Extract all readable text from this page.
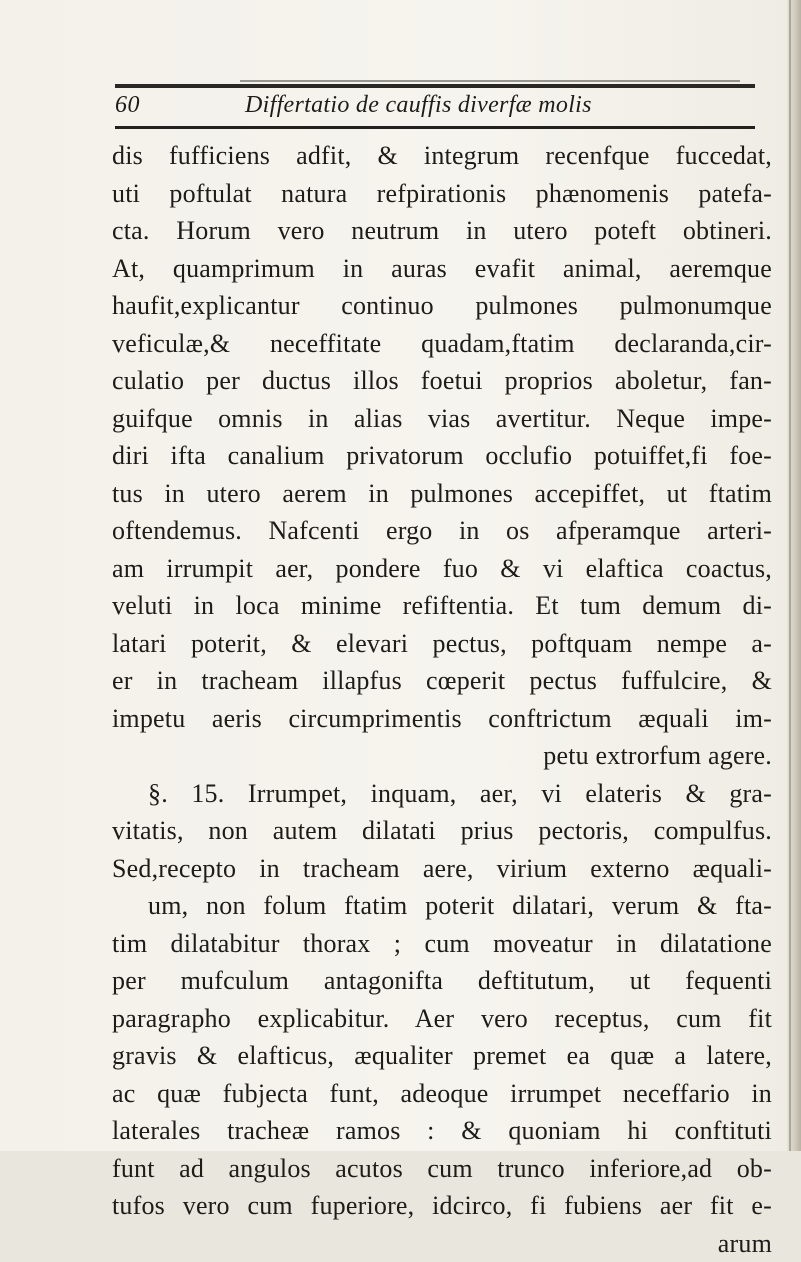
60	Differtatio de cauffis diverfæ molis
dis fufficiens adfit, & integrum recenfque fuccedat,
uti poftulat natura refpirationis phænomenis patefa-
cta. Horum vero neutrum in utero poteft obtineri.
At, quamprimum in auras evafit animal, aeremque
haufit,explicantur continuo pulmones pulmonumque
veficulæ,& neceffitate quadam,ftatim declaranda,cir-
culatio per ductus illos foetui proprios aboletur, fan-
guifque omnis in alias vias avertitur. Neque impe-
diri ifta canalium privatorum occlufio potuiffet,fi foe-
tus in utero aerem in pulmones accepiffet, ut ftatim
oftendemus. Nafcenti ergo in os afperamque arteri-
am irrumpit aer, pondere fuo & vi elaftica coactus,
veluti in loca minime refiftentia. Et tum demum di-
latari poterit, & elevari pectus, poftquam nempe a-
er in tracheam illapfus cœperit pectus fuffulcire, &
impetu aeris circumprimentis conftrictum æquali im-
petu extrorfum agere.
§. 15. Irrumpet, inquam, aer, vi elateris & gra-
vitatis, non autem dilatati prius pectoris, compulfus.
Sed,recepto in tracheam aere, virium externo æquali-
um, non folum ftatim poterit dilatari, verum & fta-
tim dilatabitur thorax ; cum moveatur in dilatatione
per mufculum antagonifta deftitutum, ut fequenti
paragrapho explicabitur. Aer vero receptus, cum fit
gravis & elafticus, æqualiter premet ea quæ a latere,
ac quæ fubjecta funt, adeoque irrumpet neceffario in
laterales tracheæ ramos : & quoniam hi conftituti
funt ad angulos acutos cum trunco inferiore,ad ob-
tufos vero cum fuperiore, idcirco, fi fubiens aer fit e-
arum
